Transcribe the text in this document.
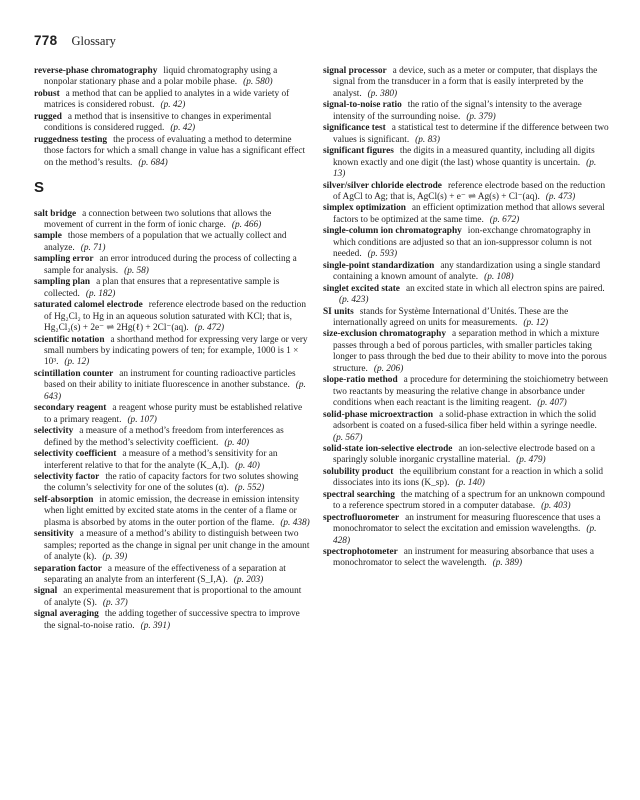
778 Glossary
reverse-phase chromatography liquid chromatography using a nonpolar stationary phase and a polar mobile phase. (p. 580)
robust a method that can be applied to analytes in a wide variety of matrices is considered robust. (p. 42)
rugged a method that is insensitive to changes in experimental conditions is considered rugged. (p. 42)
ruggedness testing the process of evaluating a method to determine those factors for which a small change in value has a significant effect on the method’s results. (p. 684)
S
salt bridge a connection between two solutions that allows the movement of current in the form of ionic charge. (p. 466)
sample those members of a population that we actually collect and analyze. (p. 71)
sampling error an error introduced during the process of collecting a sample for analysis. (p. 58)
sampling plan a plan that ensures that a representative sample is collected. (p. 182)
saturated calomel electrode reference electrode based on the reduction of Hg₂Cl₂ to Hg in an aqueous solution saturated with KCl; that is, Hg₂Cl₂(s) + 2e⁻ ⇌ 2Hg(ℓ) + 2Cl⁻(aq). (p. 472)
scientific notation a shorthand method for expressing very large or very small numbers by indicating powers of ten; for example, 1000 is 1 × 10³. (p. 12)
scintillation counter an instrument for counting radioactive particles based on their ability to initiate fluorescence in another substance. (p. 643)
secondary reagent a reagent whose purity must be established relative to a primary reagent. (p. 107)
selectivity a measure of a method’s freedom from interferences as defined by the method’s selectivity coefficient. (p. 40)
selectivity coefficient a measure of a method’s sensitivity for an interferent relative to that for the analyte (K_A,I). (p. 40)
selectivity factor the ratio of capacity factors for two solutes showing the column’s selectivity for one of the solutes (α). (p. 552)
self-absorption in atomic emission, the decrease in emission intensity when light emitted by excited state atoms in the center of a flame or plasma is absorbed by atoms in the outer portion of the flame. (p. 438)
sensitivity a measure of a method’s ability to distinguish between two samples; reported as the change in signal per unit change in the amount of analyte (k). (p. 39)
separation factor a measure of the effectiveness of a separation at separating an analyte from an interferent (S_I,A). (p. 203)
signal an experimental measurement that is proportional to the amount of analyte (S). (p. 37)
signal averaging the adding together of successive spectra to improve the signal-to-noise ratio. (p. 391)
signal processor a device, such as a meter or computer, that displays the signal from the transducer in a form that is easily interpreted by the analyst. (p. 380)
signal-to-noise ratio the ratio of the signal’s intensity to the average intensity of the surrounding noise. (p. 379)
significance test a statistical test to determine if the difference between two values is significant. (p. 83)
significant figures the digits in a measured quantity, including all digits known exactly and one digit (the last) whose quantity is uncertain. (p. 13)
silver/silver chloride electrode reference electrode based on the reduction of AgCl to Ag; that is, AgCl(s) + e⁻ ⇌ Ag(s) + Cl⁻(aq). (p. 473)
simplex optimization an efficient optimization method that allows several factors to be optimized at the same time. (p. 672)
single-column ion chromatography ion-exchange chromatography in which conditions are adjusted so that an ion-suppressor column is not needed. (p. 593)
single-point standardization any standardization using a single standard containing a known amount of analyte. (p. 108)
singlet excited state an excited state in which all electron spins are paired.(p. 423)
SI units stands for Système International d’Unités. These are the internationally agreed on units for measurements. (p. 12)
size-exclusion chromatography a separation method in which a mixture passes through a bed of porous particles, with smaller particles taking longer to pass through the bed due to their ability to move into the porous structure. (p. 206)
slope-ratio method a procedure for determining the stoichiometry between two reactants by measuring the relative change in absorbance under conditions when each reactant is the limiting reagent. (p. 407)
solid-phase microextraction a solid-phase extraction in which the solid adsorbent is coated on a fused-silica fiber held within a syringe needle.(p. 567)
solid-state ion-selective electrode an ion-selective electrode based on a sparingly soluble inorganic crystalline material. (p. 479)
solubility product the equilibrium constant for a reaction in which a solid dissociates into its ions (K_sp). (p. 140)
spectral searching the matching of a spectrum for an unknown compound to a reference spectrum stored in a computer database. (p. 403)
spectrofluorometer an instrument for measuring fluorescence that uses a monochromator to select the excitation and emission wavelengths. (p. 428)
spectrophotometer an instrument for measuring absorbance that uses a monochromator to select the wavelength. (p. 389)
